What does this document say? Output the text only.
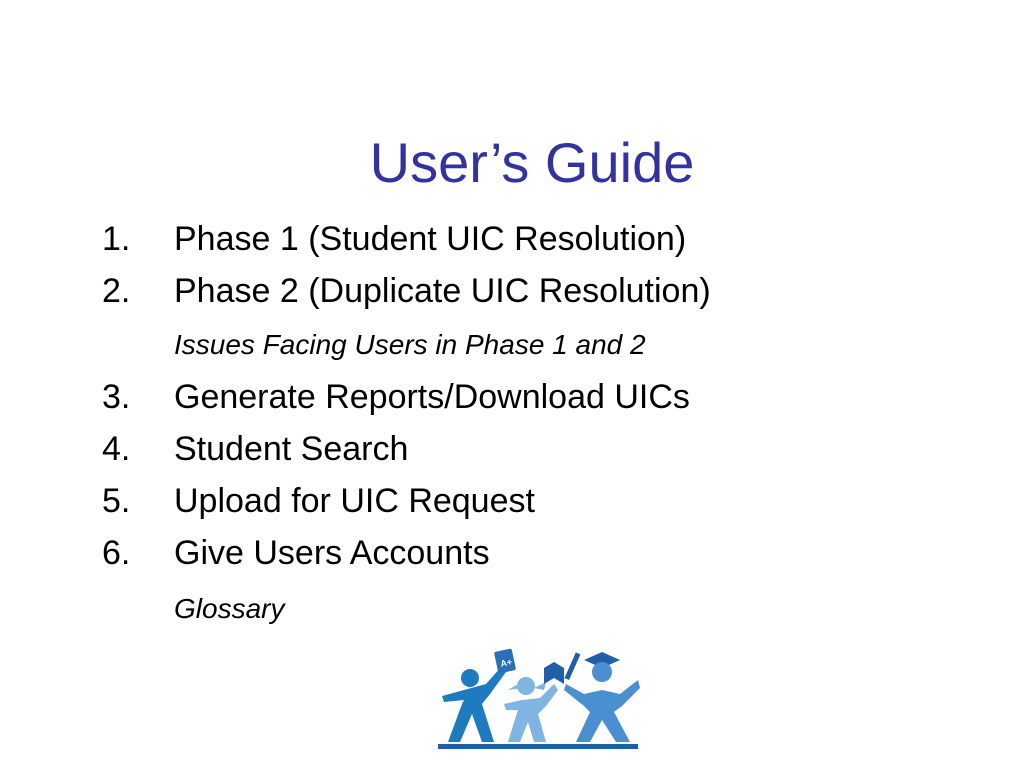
User’s Guide
1.	Phase 1 (Student UIC Resolution)
2.	Phase 2 (Duplicate UIC Resolution)
Issues Facing Users in Phase 1 and 2
3.	Generate Reports/Download UICs
4.	Student Search
5.	Upload for UIC Request
6.	Give Users Accounts
Glossary
A+
